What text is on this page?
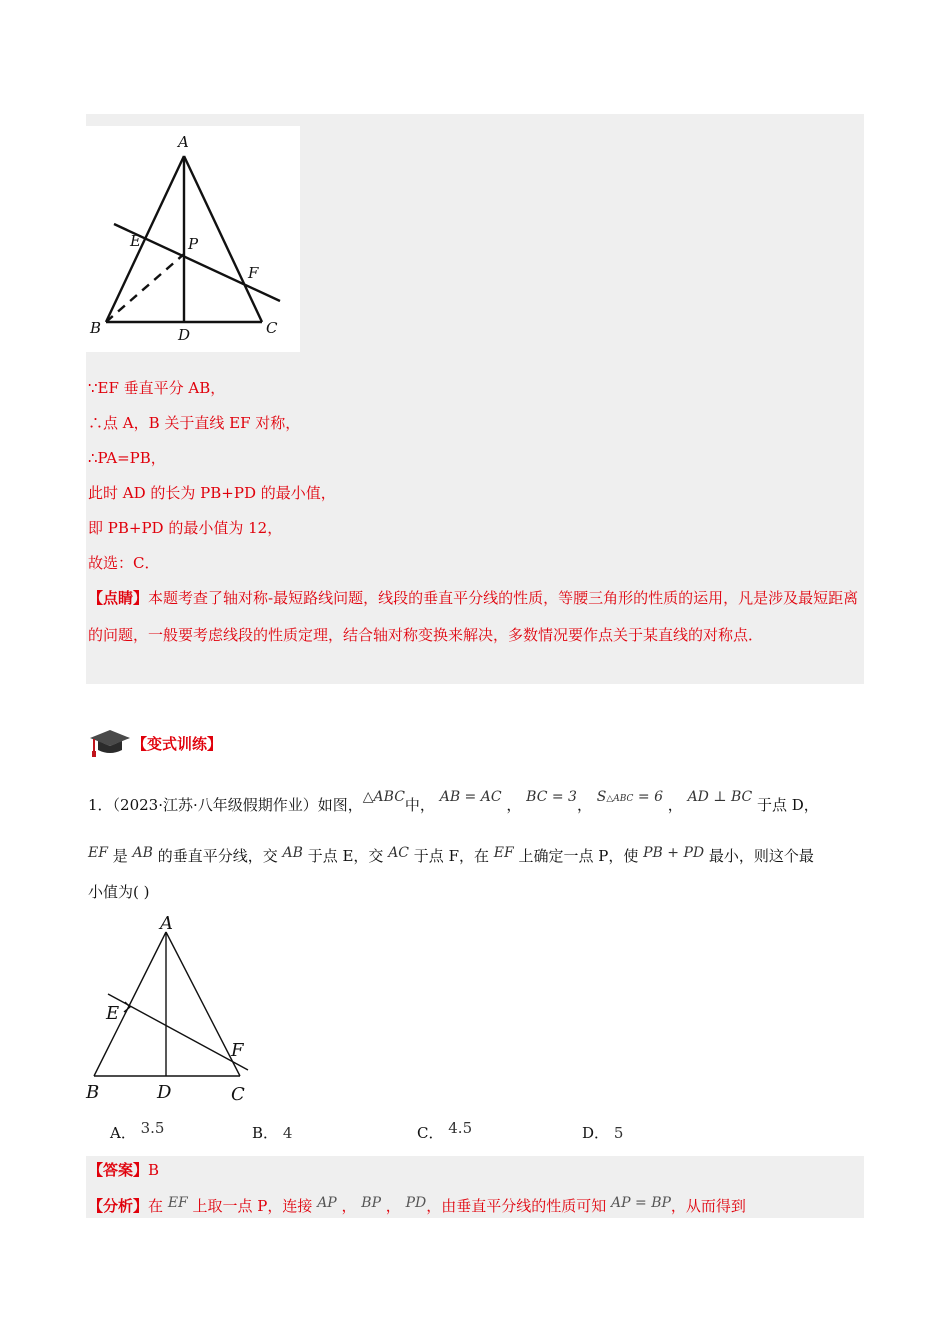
A
E	P
F
B	D	C
∵EF 垂直平分 AB，
∴点 A，B 关于直线 EF 对称，
∴PA=PB，
此时 AD 的长为 PB+PD 的最小值，
即 PB+PD 的最小值为 12，
故选：C．
【点睛】本题考查了轴对称-最短路线问题，线段的垂直平分线的性质，等腰三角形的性质的运用，凡是涉及最短距离的问题，一般要考虑线段的性质定理，结合轴对称变换来解决，多数情况要作点关于某直线的对称点．
【变式训练】
1．（2023·江苏·八年级假期作业）如图，△ABC中， AB = AC ， BC = 3， S△ABC = 6 ， AD ⊥ BC 于点 D，
EF 是 AB 的垂直平分线，交 AB 于点 E，交 AC 于点 F，在 EF 上确定一点 P，使 PB + PD 最小，则这个最
小值为( )
A
E
F
B	D	C
A． 3.5	B． 4	C． 4.5	D． 5
【答案】B
【分析】在 EF 上取一点 P，连接 AP ， BP ， PD，由垂直平分线的性质可知 AP = BP，从而得到
